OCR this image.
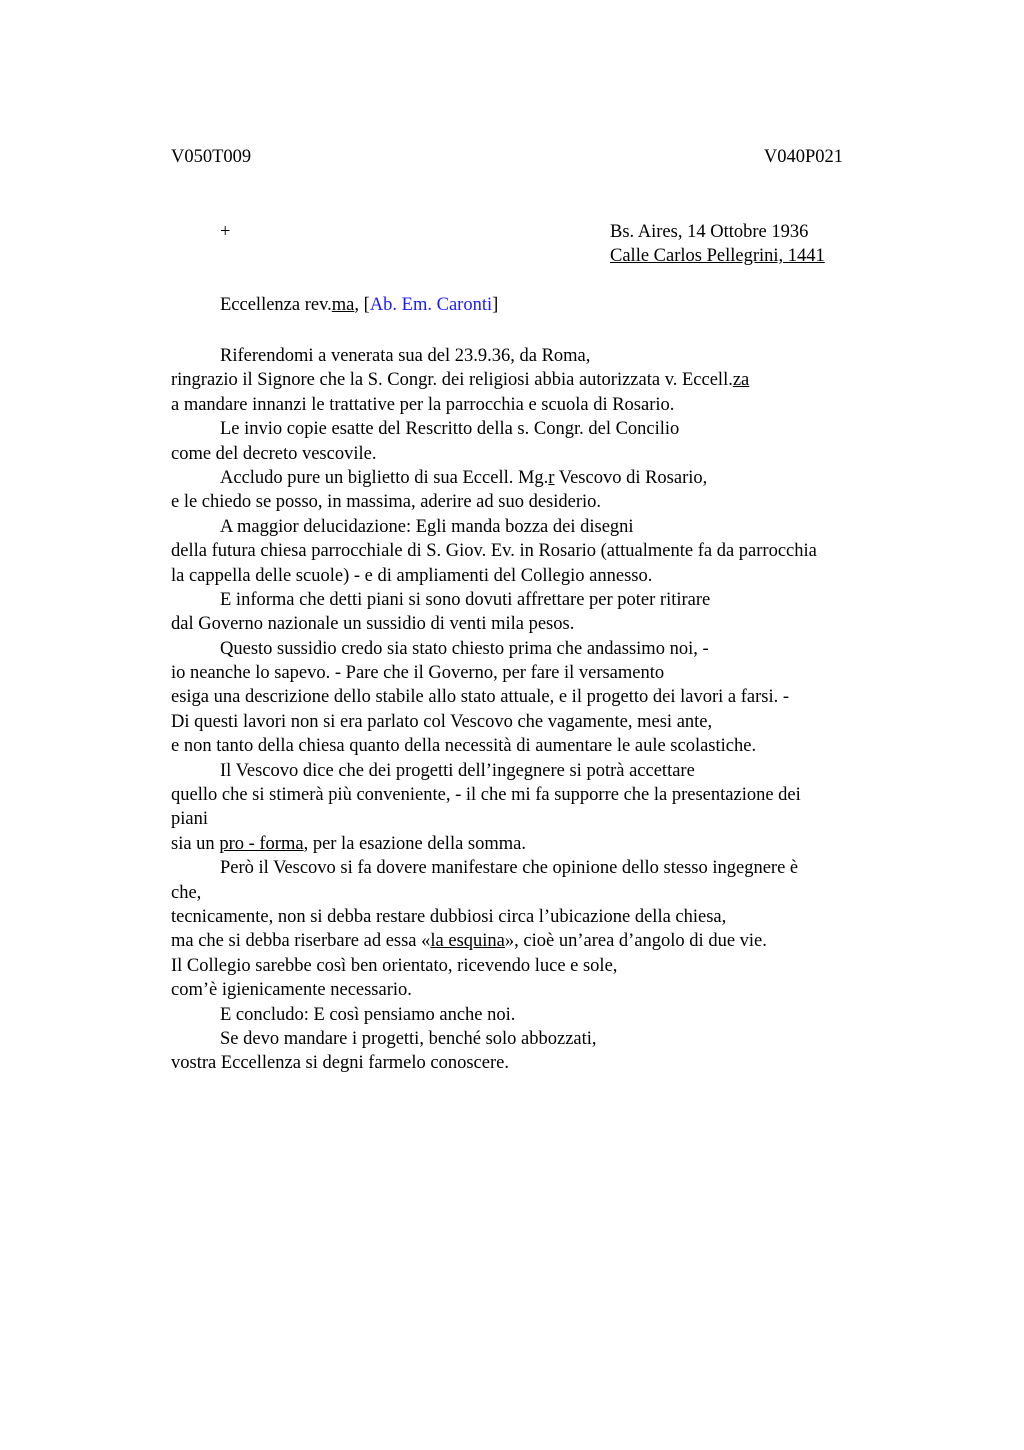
V050T009	V040P021
+	Bs. Aires, 14 Ottobre 1936
Calle Carlos Pellegrini, 1441
Eccellenza rev.ma, [Ab. Em. Caronti]
Riferendomi a venerata sua del 23.9.36, da Roma,
ringrazio il Signore che la S. Congr. dei religiosi abbia autorizzata v. Eccell.za
a mandare innanzi le trattative per la parrocchia e scuola di Rosario.
Le invio copie esatte del Rescritto della s. Congr. del Concilio
come del decreto vescovile.
Accludo pure un biglietto di sua Eccell. Mg.r Vescovo di Rosario,
e le chiedo se posso, in massima, aderire ad suo desiderio.
A maggior delucidazione: Egli manda bozza dei disegni
della futura chiesa parrocchiale di S. Giov. Ev. in Rosario (attualmente fa da parrocchia
la cappella delle scuole) - e di ampliamenti del Collegio annesso.
E informa che detti piani si sono dovuti affrettare per poter ritirare
dal Governo nazionale un sussidio di venti mila pesos.
Questo sussidio credo sia stato chiesto prima che andassimo noi, -
io neanche lo sapevo. - Pare che il Governo, per fare il versamento
esiga una descrizione dello stabile allo stato attuale, e il progetto dei lavori a farsi. -
Di questi lavori non si era parlato col Vescovo che vagamente, mesi ante,
e non tanto della chiesa quanto della necessità di aumentare le aule scolastiche.
Il Vescovo dice che dei progetti dell’ingegnere si potrà accettare
quello che si stimerà più conveniente, - il che mi fa supporre che la presentazione dei
piani
sia un pro - forma, per la esazione della somma.
Però il Vescovo si fa dovere manifestare che opinione dello stesso ingegnere è
che,
tecnicamente, non si debba restare dubbiosi circa l’ubicazione della chiesa,
ma che si debba riserbare ad essa «la esquina», cioè un’area d’angolo di due vie.
Il Collegio sarebbe così ben orientato, ricevendo luce e sole,
com’è igienicamente necessario.
E concludo: E così pensiamo anche noi.
Se devo mandare i progetti, benché solo abbozzati,
vostra Eccellenza si degni farmelo conoscere.
